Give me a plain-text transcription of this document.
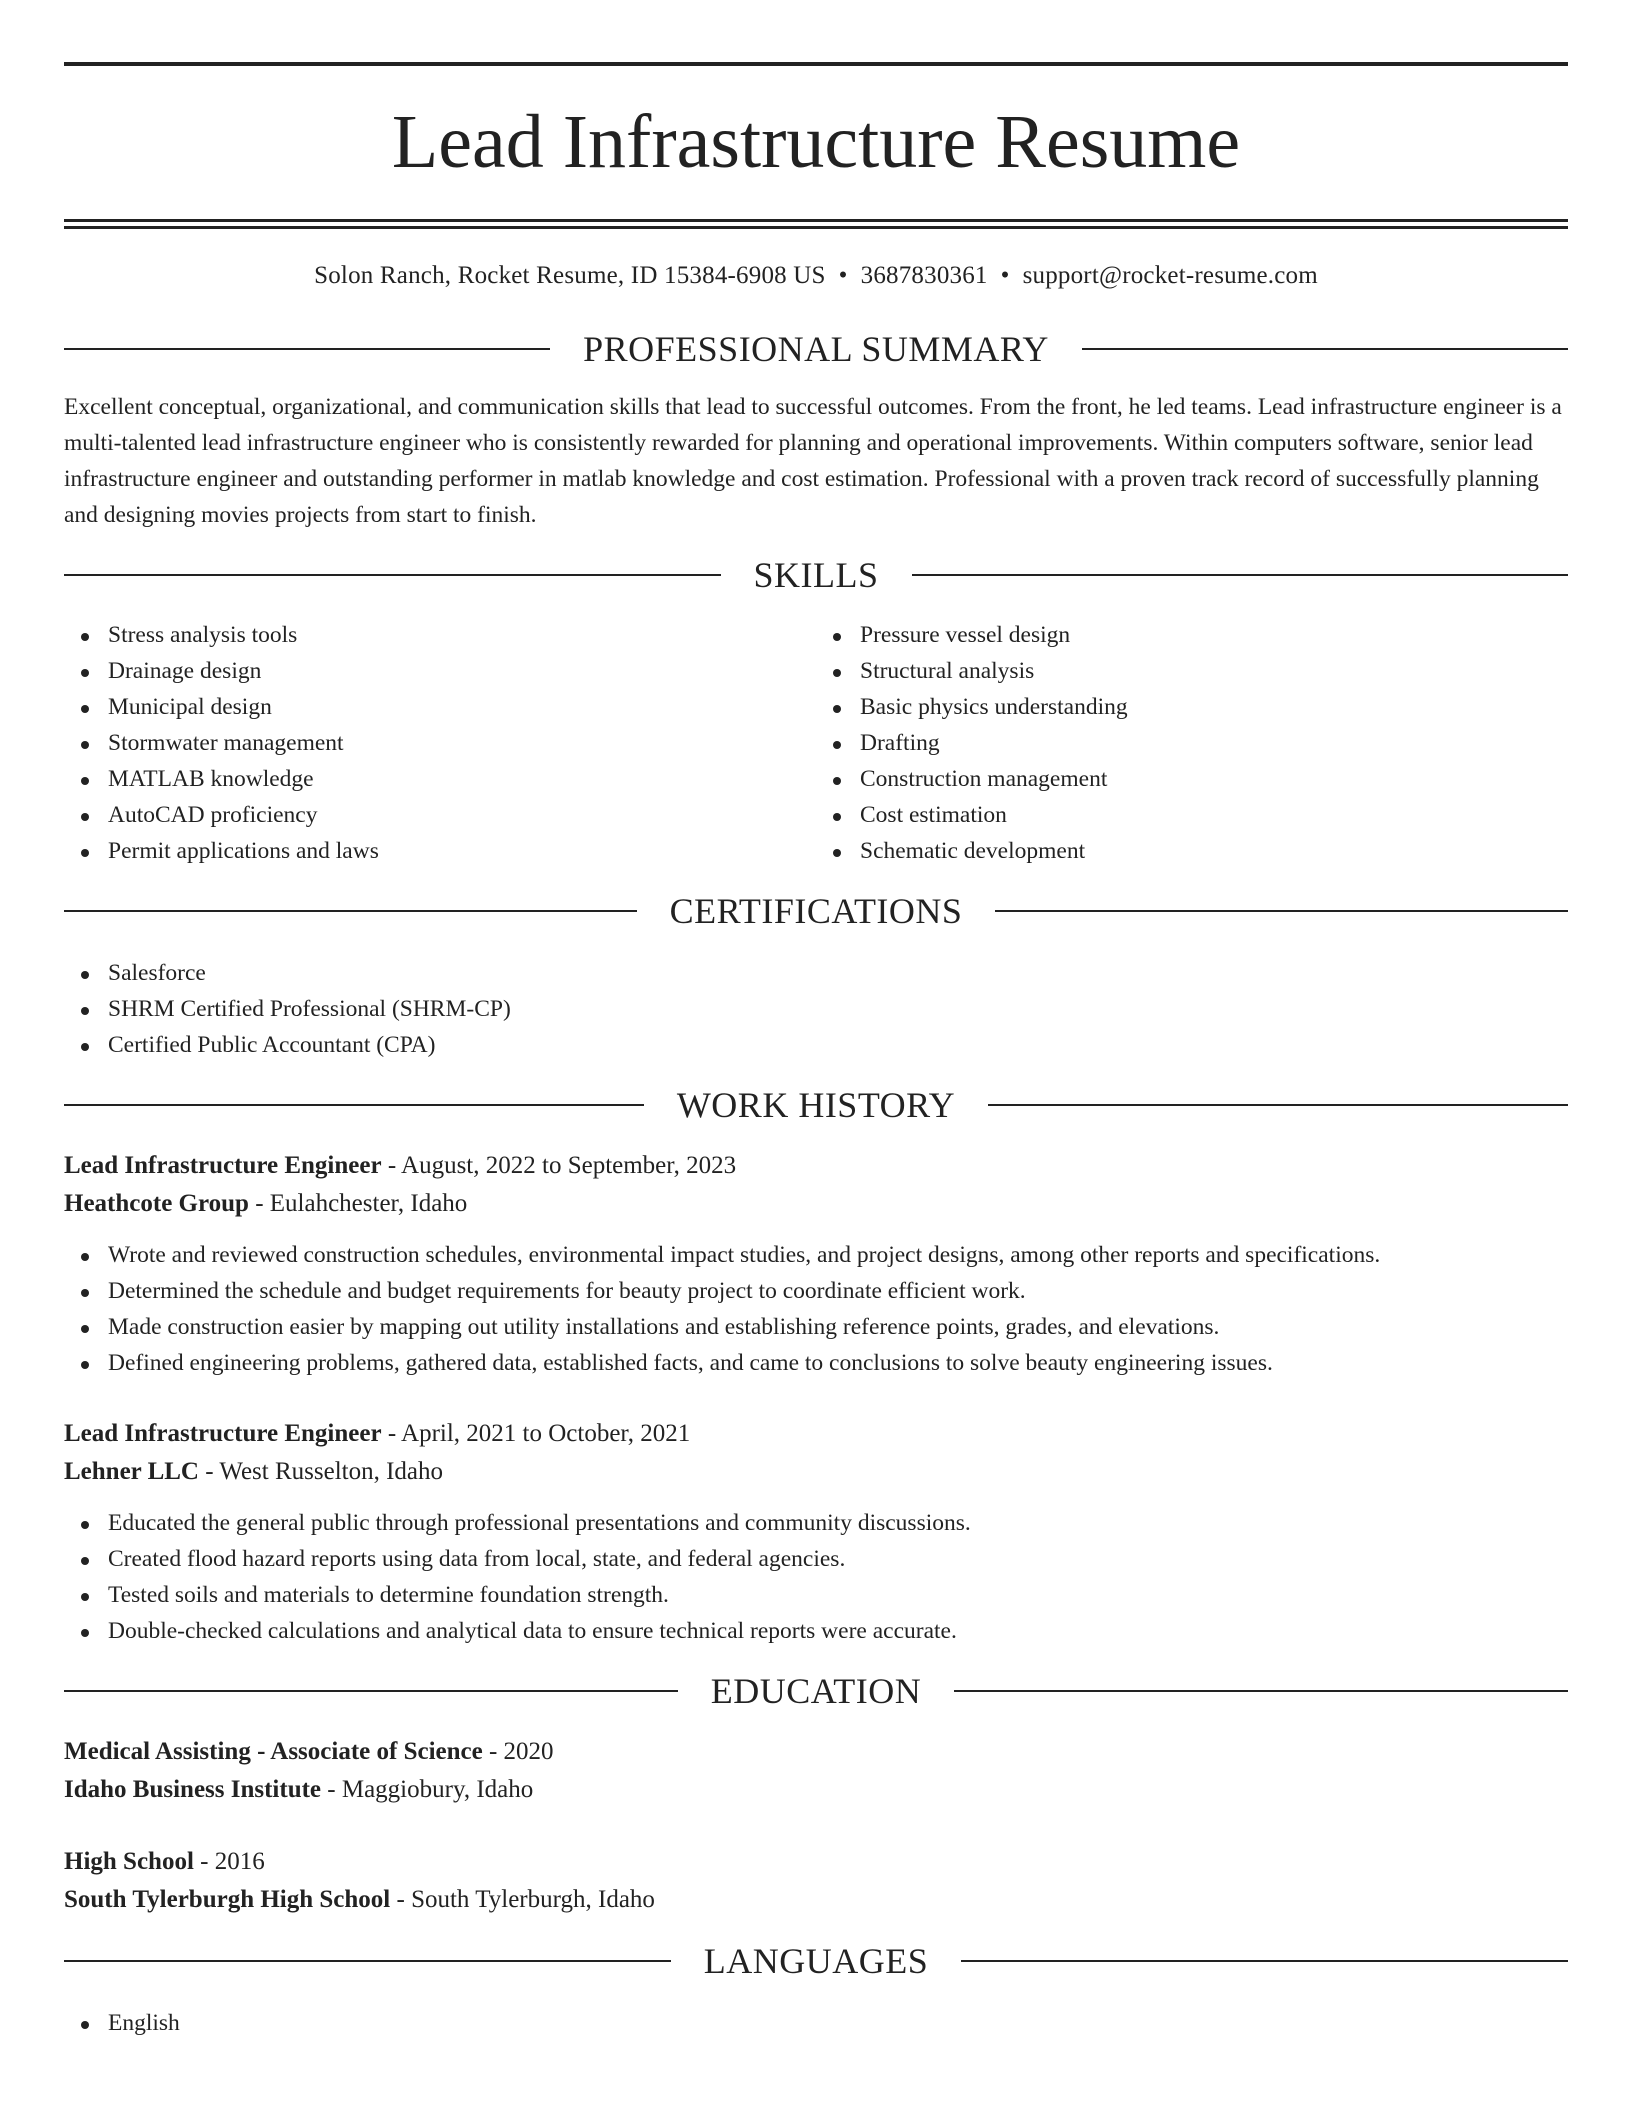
Lead Infrastructure Resume
Solon Ranch, Rocket Resume, ID 15384-6908 US • 3687830361 • support@rocket-resume.com
PROFESSIONAL SUMMARY
Excellent conceptual, organizational, and communication skills that lead to successful outcomes. From the front, he led teams. Lead infrastructure engineer is a multi-talented lead infrastructure engineer who is consistently rewarded for planning and operational improvements. Within computers software, senior lead infrastructure engineer and outstanding performer in matlab knowledge and cost estimation. Professional with a proven track record of successfully planning and designing movies projects from start to finish.
SKILLS
Stress analysis tools
Drainage design
Municipal design
Stormwater management
MATLAB knowledge
AutoCAD proficiency
Permit applications and laws
Pressure vessel design
Structural analysis
Basic physics understanding
Drafting
Construction management
Cost estimation
Schematic development
CERTIFICATIONS
Salesforce
SHRM Certified Professional (SHRM-CP)
Certified Public Accountant (CPA)
WORK HISTORY
Lead Infrastructure Engineer - August, 2022 to September, 2023
Heathcote Group - Eulahchester, Idaho
Wrote and reviewed construction schedules, environmental impact studies, and project designs, among other reports and specifications.
Determined the schedule and budget requirements for beauty project to coordinate efficient work.
Made construction easier by mapping out utility installations and establishing reference points, grades, and elevations.
Defined engineering problems, gathered data, established facts, and came to conclusions to solve beauty engineering issues.
Lead Infrastructure Engineer - April, 2021 to October, 2021
Lehner LLC - West Russelton, Idaho
Educated the general public through professional presentations and community discussions.
Created flood hazard reports using data from local, state, and federal agencies.
Tested soils and materials to determine foundation strength.
Double-checked calculations and analytical data to ensure technical reports were accurate.
EDUCATION
Medical Assisting - Associate of Science - 2020
Idaho Business Institute - Maggiobury, Idaho
High School - 2016
South Tylerburgh High School - South Tylerburgh, Idaho
LANGUAGES
English
